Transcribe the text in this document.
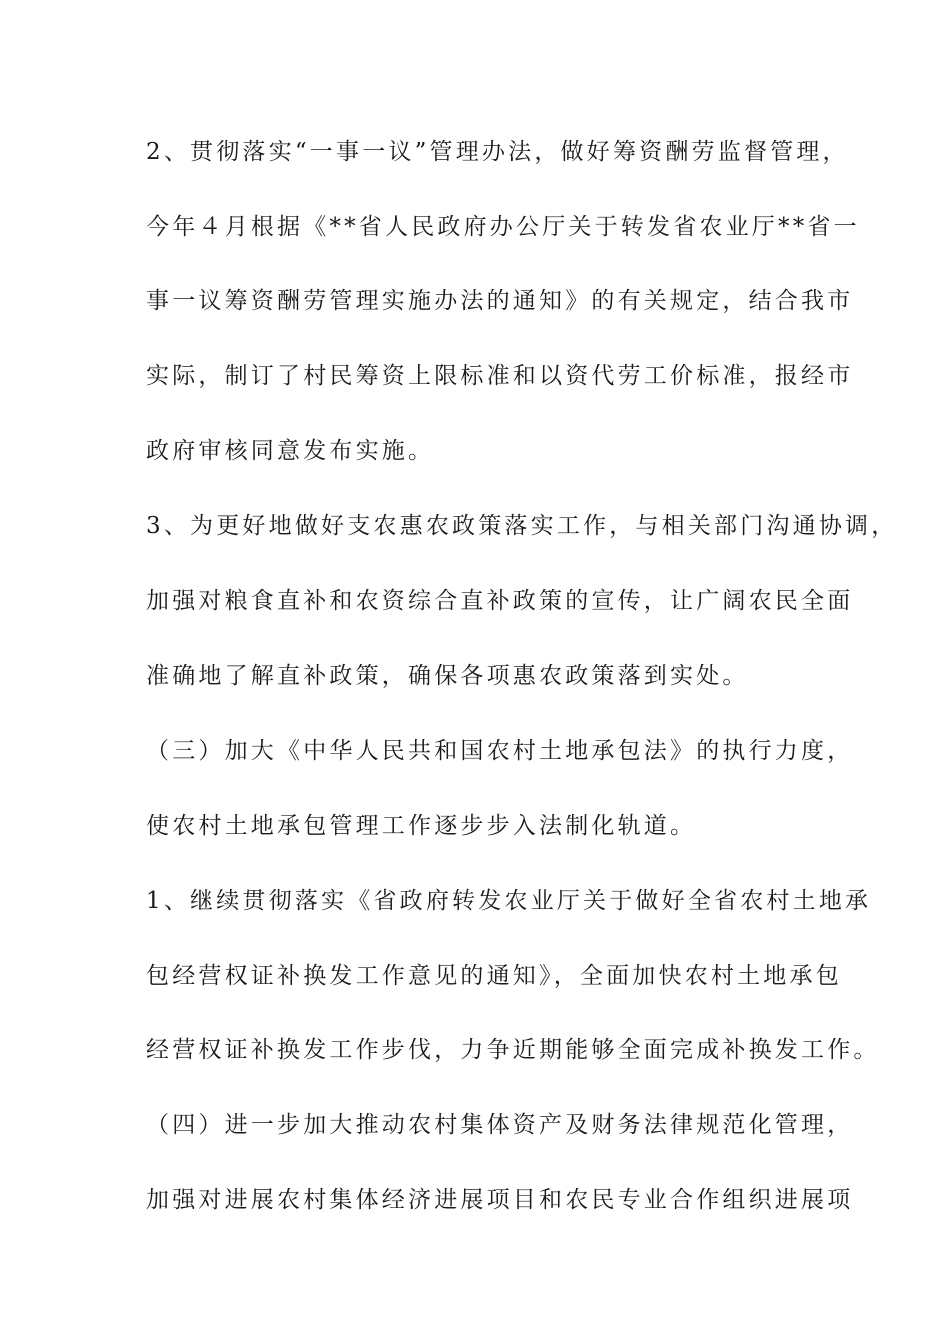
2、贯彻落实“一事一议”管理办法，做好筹资酬劳监督管理，
今年４月根据《**省人民政府办公厅关于转发省农业厅**省一
事一议筹资酬劳管理实施办法的通知》的有关规定，结合我市
实际，制订了村民筹资上限标准和以资代劳工价标准，报经市
政府审核同意发布实施。
3、为更好地做好支农惠农政策落实工作，与相关部门沟通协调，
加强对粮食直补和农资综合直补政策的宣传，让广阔农民全面
准确地了解直补政策，确保各项惠农政策落到实处。
（三）加大《中华人民共和国农村土地承包法》的执行力度，
使农村土地承包管理工作逐步步入法制化轨道。
1、继续贯彻落实《省政府转发农业厅关于做好全省农村土地承
包经营权证补换发工作意见的通知》，全面加快农村土地承包
经营权证补换发工作步伐，力争近期能够全面完成补换发工作。
（四）进一步加大推动农村集体资产及财务法律规范化管理，
加强对进展农村集体经济进展项目和农民专业合作组织进展项
